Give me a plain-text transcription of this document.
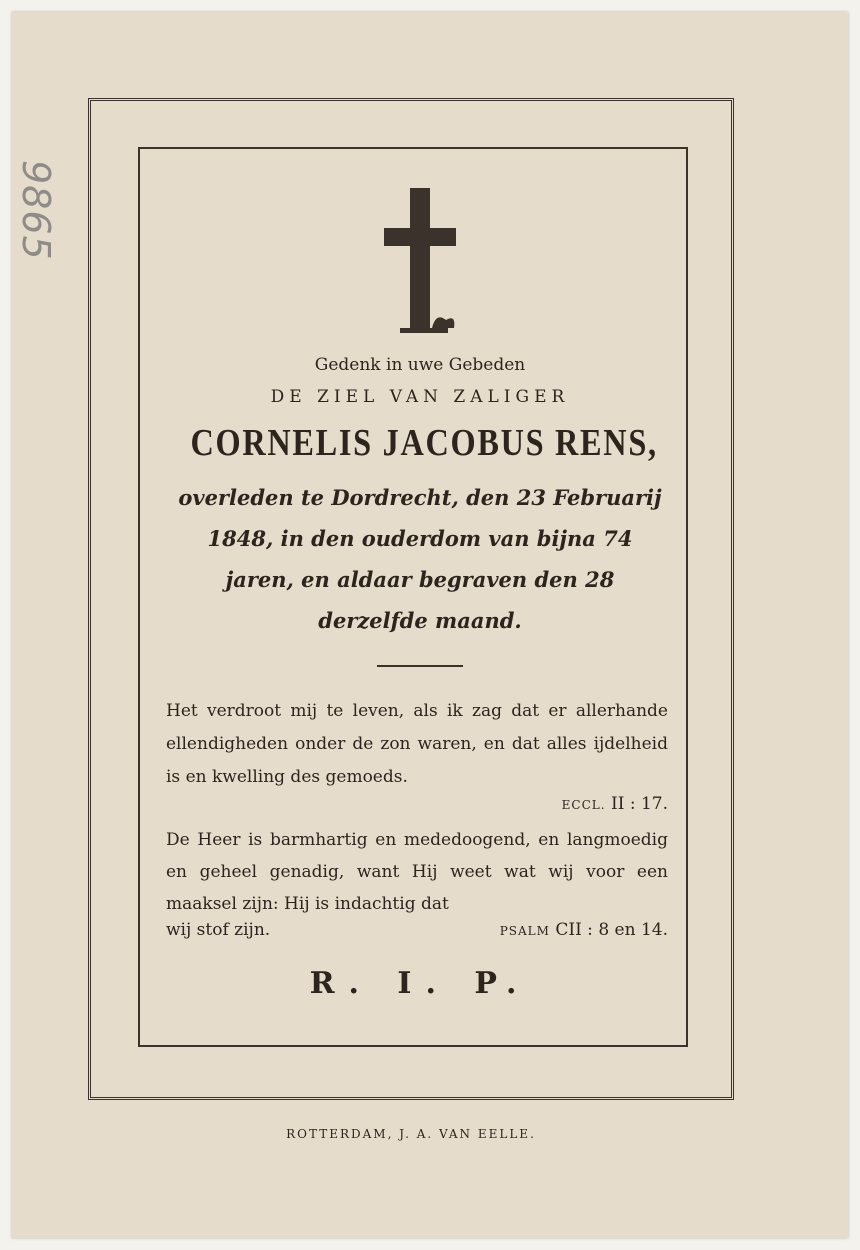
9865
Gedenk in uwe Gebeden
DE ZIEL VAN ZALIGER
CORNELIS JACOBUS RENS,
overleden te Dordrecht, den 23 Februarij
1848, in den ouderdom van bijna 74
jaren, en aldaar begraven den 28
derzelfde maand.
Het verdroot mij te leven, als ik zag dat er allerhande ellendigheden onder de zon waren, en dat alles ijdelheid is en kwelling des gemoeds.
ECCL. II : 17.
De Heer is barmhartig en mededoogend, en langmoedig en geheel genadig, want Hij weet wat wij voor een maaksel zijn: Hij is indachtig dat
wij stof zijn.	PSALM CII : 8 en 14.
R. I. P.
ROTTERDAM, J. A. VAN EELLE.
